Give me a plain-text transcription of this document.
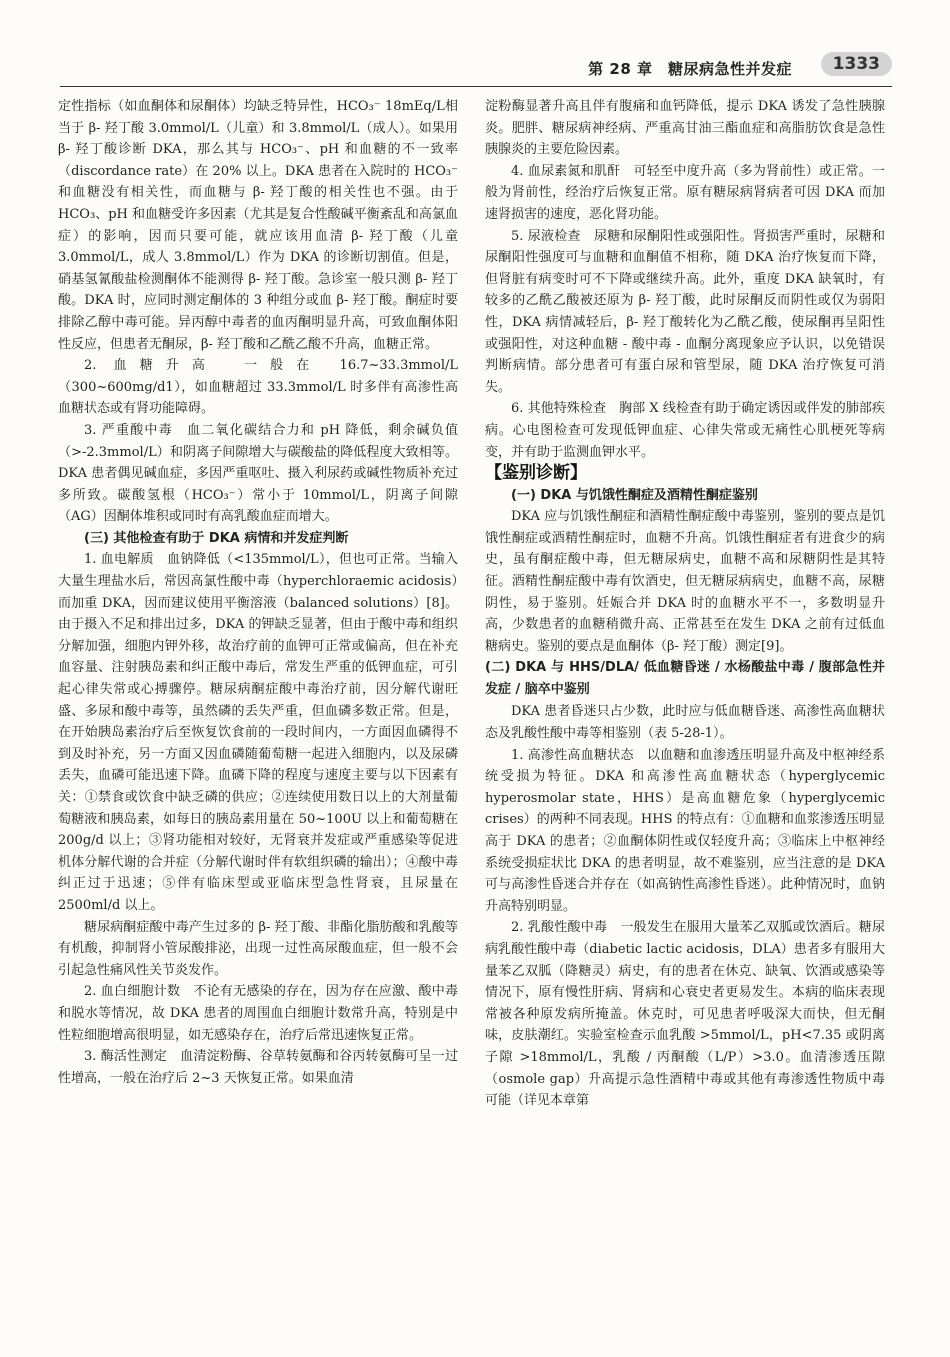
第 28 章　糖尿病急性并发症	1333

定性指标（如血酮体和尿酮体）均缺乏特异性，HCO₃⁻ 18mEq/L相当于 β- 羟丁酸 3.0mmol/L（儿童）和 3.8mmol/L（成人）。如果用 β- 羟丁酸诊断 DKA，那么其与 HCO₃⁻、pH 和血糖的不一致率（discordance rate）在 20% 以上。DKA 患者在入院时的 HCO₃⁻ 和血糖没有相关性，而血糖与 β- 羟丁酸的相关性也不强。由于 HCO₃、pH 和血糖受许多因素（尤其是复合性酸碱平衡紊乱和高氯血症）的影响，因而只要可能，就应该用血清 β- 羟丁酸（儿童 3.0mmol/L，成人 3.8mmol/L）作为 DKA 的诊断切割值。但是，硝基氢氰酸盐检测酮体不能测得 β- 羟丁酸。急诊室一般只测 β- 羟丁酸。DKA 时，应同时测定酮体的 3 种组分或血 β- 羟丁酸。酮症时要排除乙醇中毒可能。异丙醇中毒者的血丙酮明显升高，可致血酮体阳性反应，但患者无酮尿，β- 羟丁酸和乙酰乙酸不升高，血糖正常。

2. 血糖升高　一般在 16.7~33.3mmol/L（300~600mg/d1），如血糖超过 33.3mmol/L 时多伴有高渗性高血糖状态或有肾功能障碍。

3. 严重酸中毒　血二氧化碳结合力和 pH 降低，剩余碱负值（>-2.3mmol/L）和阴离子间隙增大与碳酸盐的降低程度大致相等。DKA 患者偶见碱血症，多因严重呕吐、摄入利尿药或碱性物质补充过多所致。碳酸氢根（HCO₃⁻）常小于 10mmol/L，阴离子间隙（AG）因酮体堆积或同时有高乳酸血症而增大。

(三) 其他检查有助于 DKA 病情和并发症判断

1. 血电解质　血钠降低（<135mmol/L），但也可正常。当输入大量生理盐水后，常因高氯性酸中毒（hyperchloraemic acidosis）而加重 DKA，因而建议使用平衡溶液（balanced solutions）[8]。由于摄入不足和排出过多，DKA 的钾缺乏显著，但由于酸中毒和组织分解加强，细胞内钾外移，故治疗前的血钾可正常或偏高，但在补充血容量、注射胰岛素和纠正酸中毒后，常发生严重的低钾血症，可引起心律失常或心搏骤停。糖尿病酮症酸中毒治疗前，因分解代谢旺盛、多尿和酸中毒等，虽然磷的丢失严重，但血磷多数正常。但是，在开始胰岛素治疗后至恢复饮食前的一段时间内，一方面因血磷得不到及时补充，另一方面又因血磷随葡萄糖一起进入细胞内，以及尿磷丢失，血磷可能迅速下降。血磷下降的程度与速度主要与以下因素有关：①禁食或饮食中缺乏磷的供应；②连续使用数日以上的大剂量葡萄糖液和胰岛素，如每日的胰岛素用量在 50~100U 以上和葡萄糖在 200g/d 以上；③肾功能相对较好，无肾衰并发症或严重感染等促进机体分解代谢的合并症（分解代谢时伴有软组织磷的输出）；④酸中毒纠正过于迅速；⑤伴有临床型或亚临床型急性肾衰，且尿量在 2500ml/d 以上。

糖尿病酮症酸中毒产生过多的 β- 羟丁酸、非酯化脂肪酸和乳酸等有机酸，抑制肾小管尿酸排泌，出现一过性高尿酸血症，但一般不会引起急性痛风性关节炎发作。

2. 血白细胞计数　不论有无感染的存在，因为存在应激、酸中毒和脱水等情况，故 DKA 患者的周围血白细胞计数常升高，特别是中性粒细胞增高很明显，如无感染存在，治疗后常迅速恢复正常。

3. 酶活性测定　血清淀粉酶、谷草转氨酶和谷丙转氨酶可呈一过性增高，一般在治疗后 2~3 天恢复正常。如果血清

淀粉酶显著升高且伴有腹痛和血钙降低，提示 DKA 诱发了急性胰腺炎。肥胖、糖尿病神经病、严重高甘油三酯血症和高脂肪饮食是急性胰腺炎的主要危险因素。

4. 血尿素氮和肌酐　可轻至中度升高（多为肾前性）或正常。一般为肾前性，经治疗后恢复正常。原有糖尿病肾病者可因 DKA 而加速肾损害的速度，恶化肾功能。

5. 尿液检查　尿糖和尿酮阳性或强阳性。肾损害严重时，尿糖和尿酮阳性强度可与血糖和血酮值不相称，随 DKA 治疗恢复而下降，但肾脏有病变时可不下降或继续升高。此外，重度 DKA 缺氧时，有较多的乙酰乙酸被还原为 β- 羟丁酸，此时尿酮反而阴性或仅为弱阳性，DKA 病情减轻后，β- 羟丁酸转化为乙酰乙酸，使尿酮再呈阳性或强阳性，对这种血糖 - 酸中毒 - 血酮分离现象应予认识，以免错误判断病情。部分患者可有蛋白尿和管型尿，随 DKA 治疗恢复可消失。

6. 其他特殊检查　胸部 X 线检查有助于确定诱因或伴发的肺部疾病。心电图检查可发现低钾血症、心律失常或无痛性心肌梗死等病变，并有助于监测血钾水平。

【鉴别诊断】

(一) DKA 与饥饿性酮症及酒精性酮症鉴别

DKA 应与饥饿性酮症和酒精性酮症酸中毒鉴别，鉴别的要点是饥饿性酮症或酒精性酮症时，血糖不升高。饥饿性酮症者有进食少的病史，虽有酮症酸中毒，但无糖尿病史，血糖不高和尿糖阴性是其特征。酒精性酮症酸中毒有饮酒史，但无糖尿病病史，血糖不高，尿糖阴性，易于鉴别。妊娠合并 DKA 时的血糖水平不一，多数明显升高，少数患者的血糖稍微升高、正常甚至在发生 DKA 之前有过低血糖病史。鉴别的要点是血酮体（β- 羟丁酸）测定[9]。

(二) DKA 与 HHS/DLA/ 低血糖昏迷 / 水杨酸盐中毒 / 腹部急性并发症 / 脑卒中鉴别

DKA 患者昏迷只占少数，此时应与低血糖昏迷、高渗性高血糖状态及乳酸性酸中毒等相鉴别（表 5-28-1）。

1. 高渗性高血糖状态　以血糖和血渗透压明显升高及中枢神经系统受损为特征。DKA 和高渗性高血糖状态（hyperglycemic hyperosmolar state，HHS）是高血糖危象（hyperglycemic crises）的两种不同表现。HHS 的特点有：①血糖和血浆渗透压明显高于 DKA 的患者；②血酮体阴性或仅轻度升高；③临床上中枢神经系统受损症状比 DKA 的患者明显，故不难鉴别，应当注意的是 DKA 可与高渗性昏迷合并存在（如高钠性高渗性昏迷）。此种情况时，血钠升高特别明显。

2. 乳酸性酸中毒　一般发生在服用大量苯乙双胍或饮酒后。糖尿病乳酸性酸中毒（diabetic lactic acidosis，DLA）患者多有服用大量苯乙双胍（降糖灵）病史，有的患者在休克、缺氧、饮酒或感染等情况下，原有慢性肝病、肾病和心衰史者更易发生。本病的临床表现常被各种原发病所掩盖。休克时，可见患者呼吸深大而快，但无酮味，皮肤潮红。实验室检查示血乳酸 >5mmol/L，pH<7.35 或阴离子隙 >18mmol/L，乳酸 / 丙酮酸（L/P）>3.0。血清渗透压隙（osmole gap）升高提示急性酒精中毒或其他有毒渗透性物质中毒可能（详见本章第
